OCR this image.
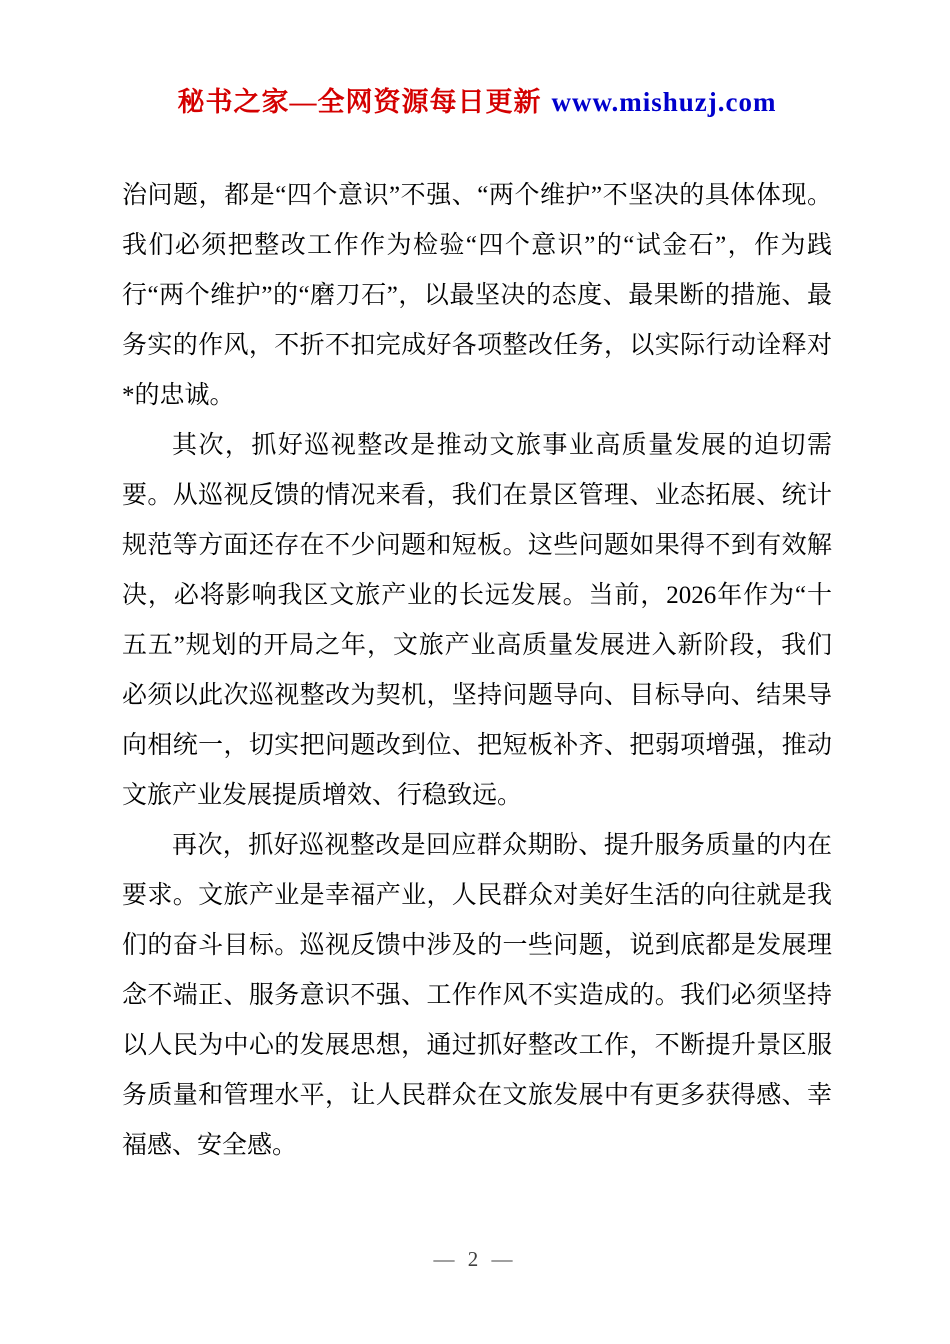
秘书之家—全网资源每日更新 www.mishuzj.com

治问题，都是“四个意识”不强、“两个维护”不坚决的具体体现。我们必须把整改工作作为检验“四个意识”的“试金石”，作为践行“两个维护”的“磨刀石”，以最坚决的态度、最果断的措施、最务实的作风，不折不扣完成好各项整改任务，以实际行动诠释对*的忠诚。

其次，抓好巡视整改是推动文旅事业高质量发展的迫切需要。从巡视反馈的情况来看，我们在景区管理、业态拓展、统计规范等方面还存在不少问题和短板。这些问题如果得不到有效解决，必将影响我区文旅产业的长远发展。当前，2026年作为“十五五”规划的开局之年，文旅产业高质量发展进入新阶段，我们必须以此次巡视整改为契机，坚持问题导向、目标导向、结果导向相统一，切实把问题改到位、把短板补齐、把弱项增强，推动文旅产业发展提质增效、行稳致远。

再次，抓好巡视整改是回应群众期盼、提升服务质量的内在要求。文旅产业是幸福产业，人民群众对美好生活的向往就是我们的奋斗目标。巡视反馈中涉及的一些问题，说到底都是发展理念不端正、服务意识不强、工作作风不实造成的。我们必须坚持以人民为中心的发展思想，通过抓好整改工作，不断提升景区服务质量和管理水平，让人民群众在文旅发展中有更多获得感、幸福感、安全感。

— 2 —
